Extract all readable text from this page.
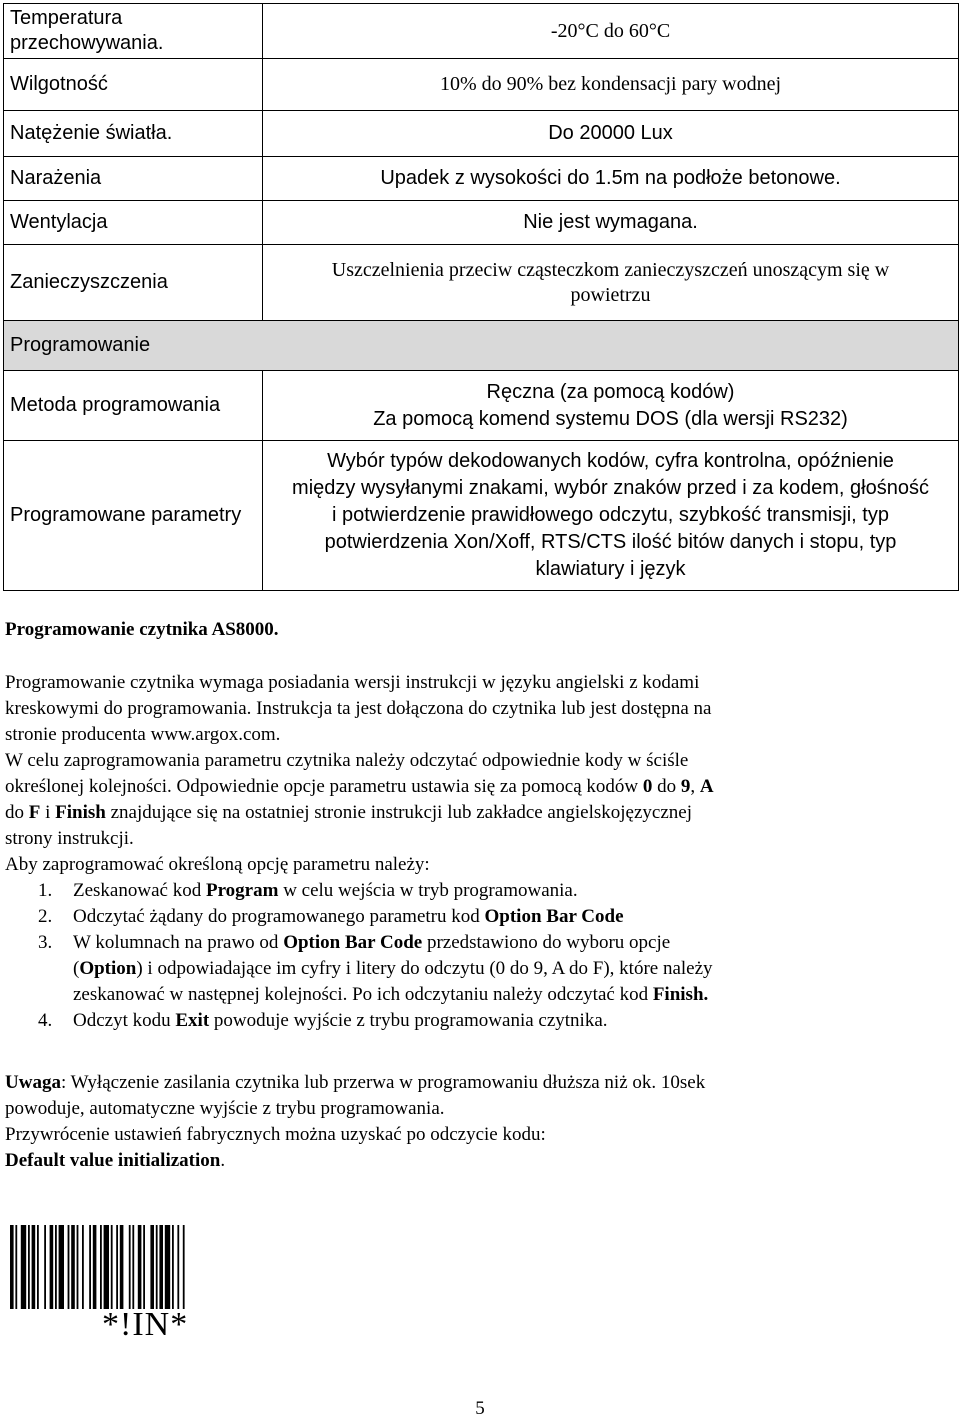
Temperatura
przechowywania.	-20°C do 60°C
Wilgotność	10% do 90% bez kondensacji pary wodnej
Natężenie światła.	Do 20000 Lux
Narażenia	Upadek z wysokości do 1.5m na podłoże betonowe.
Wentylacja	Nie jest wymagana.
Zanieczyszczenia	Uszczelnienia przeciw cząsteczkom zanieczyszczeń unoszącym się w
powietrzu
Programowanie	
Metoda programowania	Ręczna (za pomocą kodów)
Za pomocą komend systemu DOS (dla wersji RS232)
Programowane parametry	Wybór typów dekodowanych kodów, cyfra kontrolna, opóźnienie
między wysyłanymi znakami, wybór znaków przed i za kodem, głośność
i potwierdzenie prawidłowego odczytu, szybkość transmisji, typ
potwierdzenia Xon/Xoff, RTS/CTS ilość bitów danych i stopu, typ
klawiatury i język
Programowanie czytnika AS8000.
Programowanie czytnika wymaga posiadania wersji instrukcji w języku angielski z kodami
kreskowymi do programowania. Instrukcja ta jest dołączona do czytnika lub jest dostępna na
stronie producenta www.argox.com.
W celu zaprogramowania parametru czytnika należy odczytać odpowiednie kody w ściśle
określonej kolejności. Odpowiednie opcje parametru ustawia się za pomocą kodów 0 do 9, A
do F i Finish znajdujące się na ostatniej stronie instrukcji lub zakładce angielskojęzycznej
strony instrukcji.
Aby zaprogramować określoną opcję parametru należy:
1. Zeskanować kod Program w celu wejścia w tryb programowania.
2. Odczytać żądany do programowanego parametru kod Option Bar Code
3. W kolumnach na prawo od Option Bar Code przedstawiono do wyboru opcje
(Option) i odpowiadające im cyfry i litery do odczytu (0 do 9, A do F), które należy
zeskanować w następnej kolejności. Po ich odczytaniu należy odczytać kod Finish.
4. Odczyt kodu Exit powoduje wyjście z trybu programowania czytnika.
Uwaga: Wyłączenie zasilania czytnika lub przerwa w programowaniu dłuższa niż ok. 10sek
powoduje, automatyczne wyjście z trybu programowania.
Przywrócenie ustawień fabrycznych można uzyskać po odczycie kodu:
Default value initialization.
*!IN*
5
